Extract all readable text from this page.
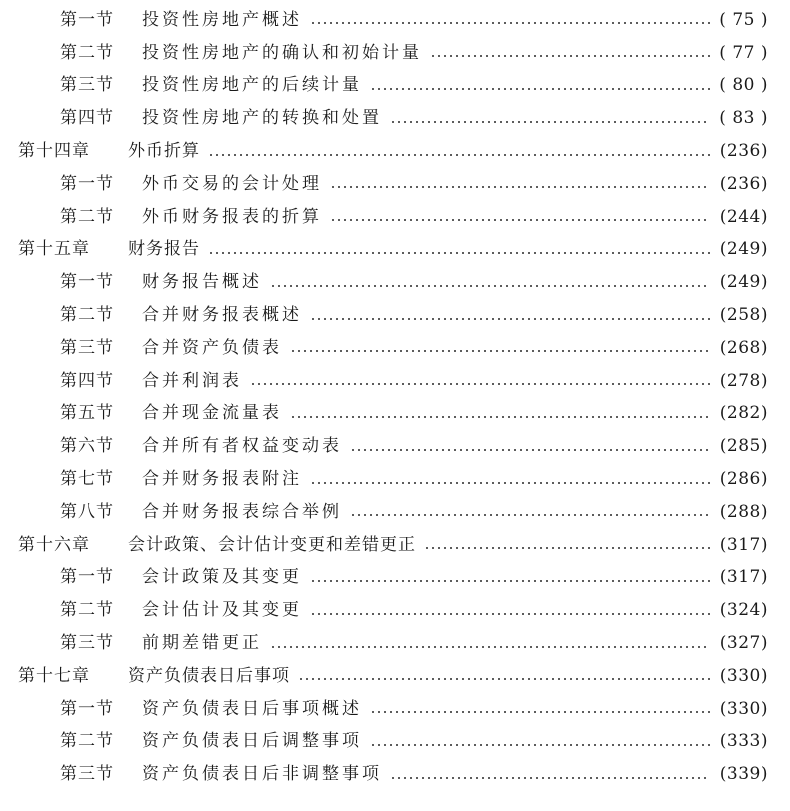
第一节	投资性房地产概述	( 75 )
第二节	投资性房地产的确认和初始计量	( 77 )
第三节	投资性房地产的后续计量	( 80 )
第四节	投资性房地产的转换和处置	( 83 )
第十四章	外币折算	(236)
第一节	外币交易的会计处理	(236)
第二节	外币财务报表的折算	(244)
第十五章	财务报告	(249)
第一节	财务报告概述	(249)
第二节	合并财务报表概述	(258)
第三节	合并资产负债表	(268)
第四节	合并利润表	(278)
第五节	合并现金流量表	(282)
第六节	合并所有者权益变动表	(285)
第七节	合并财务报表附注	(286)
第八节	合并财务报表综合举例	(288)
第十六章	会计政策、会计估计变更和差错更正	(317)
第一节	会计政策及其变更	(317)
第二节	会计估计及其变更	(324)
第三节	前期差错更正	(327)
第十七章	资产负债表日后事项	(330)
第一节	资产负债表日后事项概述	(330)
第二节	资产负债表日后调整事项	(333)
第三节	资产负债表日后非调整事项	(339)
